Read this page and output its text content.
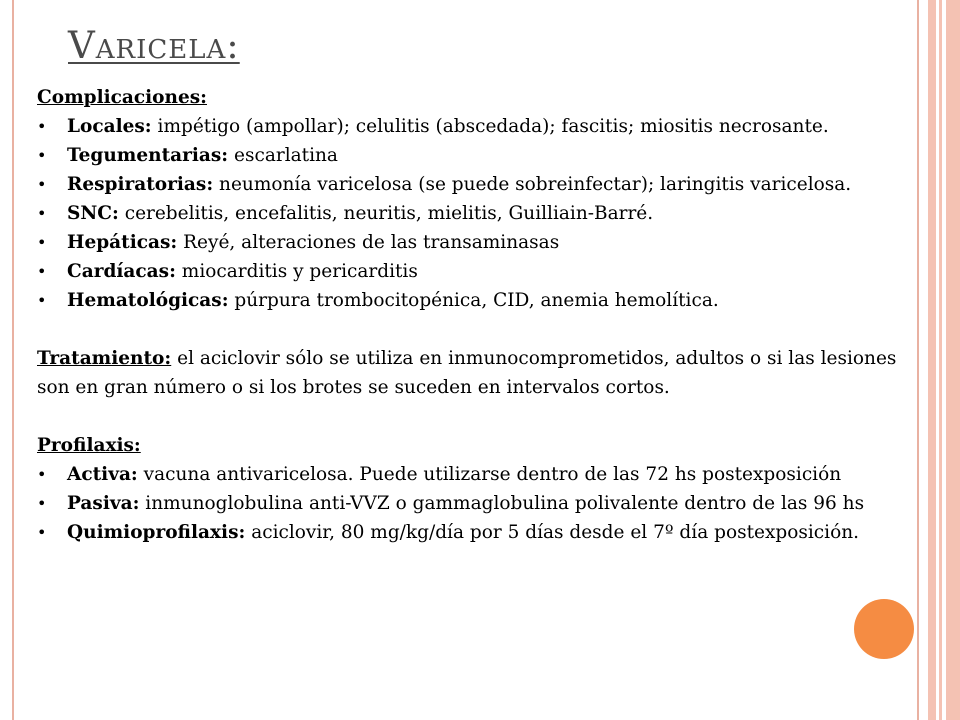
Varicela:

Complicaciones:

• Locales: impétigo (ampollar); celulitis (abscedada); fascitis; miositis necrosante.

• Tegumentarias: escarlatina

• Respiratorias: neumonía varicelosa (se puede sobreinfectar); laringitis varicelosa.

• SNC: cerebelitis, encefalitis, neuritis, mielitis, Guilliain-Barré.

• Hepáticas: Reyé, alteraciones de las transaminasas

• Cardíacas: miocarditis y pericarditis

• Hematológicas: púrpura trombocitopénica, CID, anemia hemolítica.

Tratamiento: el aciclovir sólo se utiliza en inmunocomprometidos, adultos o si las lesiones son en gran número o si los brotes se suceden en intervalos cortos.

Profilaxis:

• Activa: vacuna antivaricelosa. Puede utilizarse dentro de las 72 hs postexposición

• Pasiva: inmunoglobulina anti-VVZ o gammaglobulina polivalente dentro de las 96 hs

• Quimioprofilaxis: aciclovir, 80 mg/kg/día por 5 días desde el 7º día postexposición.
